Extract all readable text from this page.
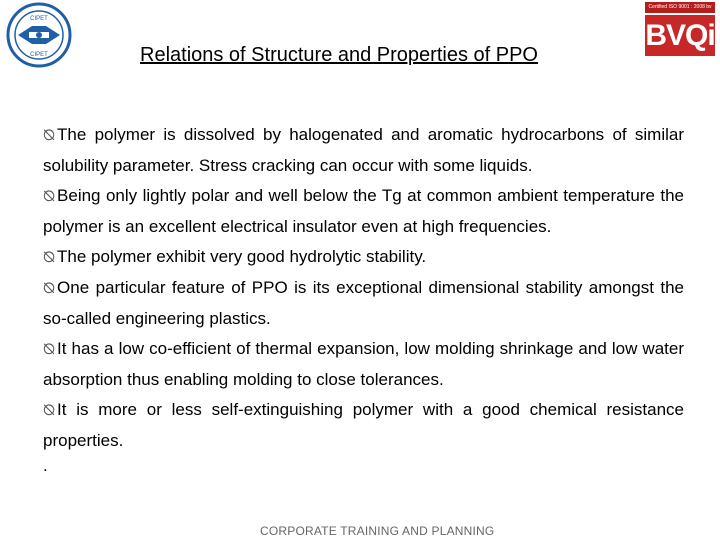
CIPET
CIPET
Certified ISO 9001 : 2008 bv
BVQi
Relations of Structure and Properties of PPO

⦰ The polymer is dissolved by halogenated and aromatic hydrocarbons of similar solubility parameter. Stress cracking can occur with some liquids.

⦰ Being only lightly polar and well below the Tg at common ambient temperature the polymer is an excellent electrical insulator even at high frequencies.

⦰ The polymer exhibit very good hydrolytic stability.

⦰ One particular feature of PPO is its exceptional dimensional stability amongst the so-called engineering plastics.

⦰ It has a low co-efficient of thermal expansion, low molding shrinkage and low water absorption thus enabling molding to close tolerances.

⦰ It is more or less self-extinguishing polymer with a good chemical resistance properties.

.

CORPORATE TRAINING AND PLANNING
